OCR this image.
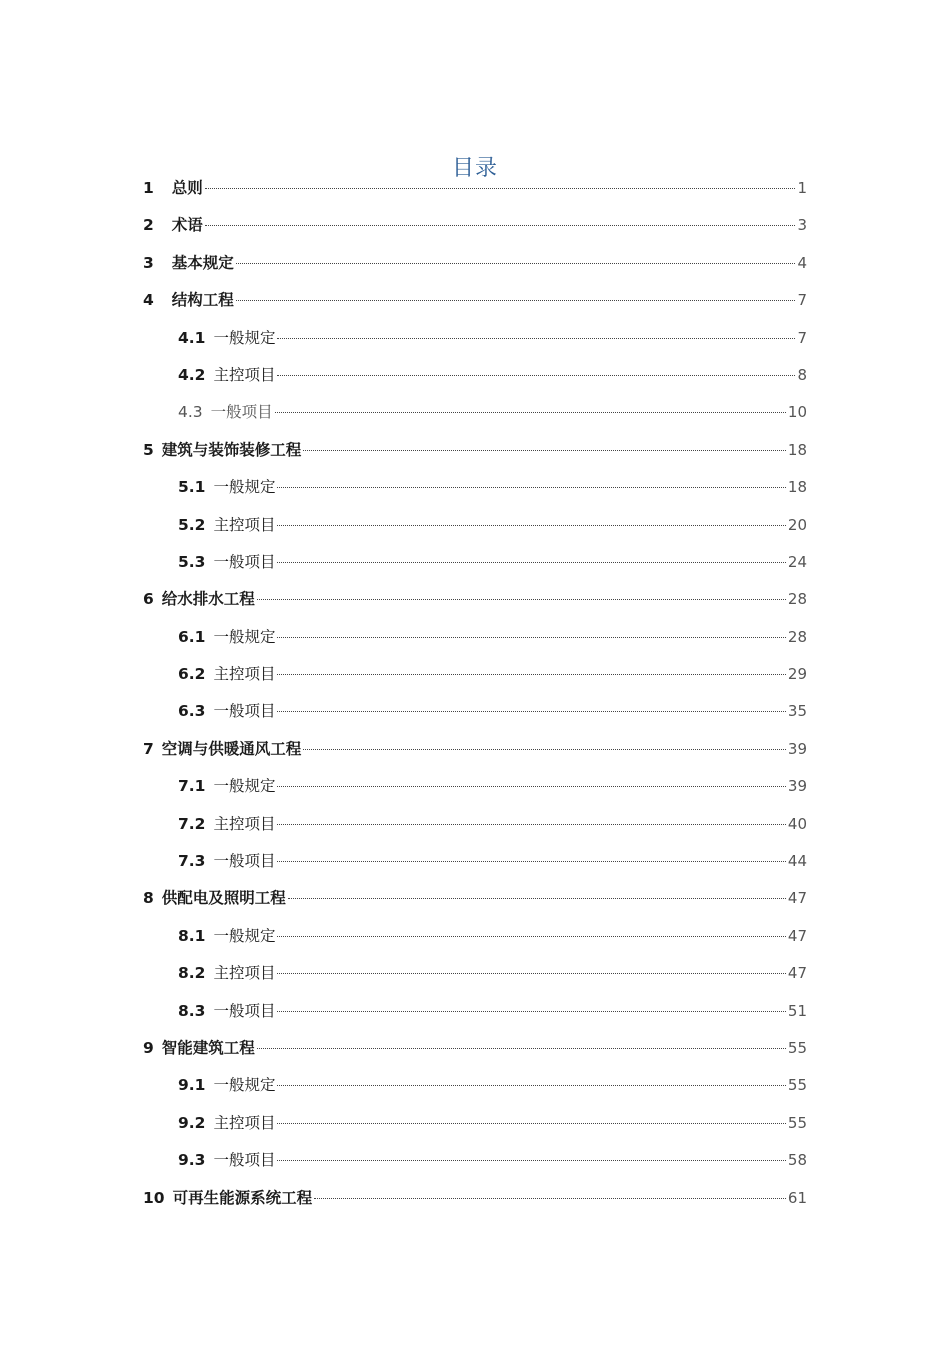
目录
1 总则	1
2 术语	3
3 基本规定	4
4 结构工程	7
4.1 一般规定	7
4.2 主控项目	8
4.3 一般项目	10
5 建筑与装饰装修工程	18
5.1 一般规定	18
5.2 主控项目	20
5.3 一般项目	24
6 给水排水工程	28
6.1 一般规定	28
6.2 主控项目	29
6.3 一般项目	35
7 空调与供暖通风工程	39
7.1 一般规定	39
7.2 主控项目	40
7.3 一般项目	44
8 供配电及照明工程	47
8.1 一般规定	47
8.2 主控项目	47
8.3 一般项目	51
9 智能建筑工程	55
9.1 一般规定	55
9.2 主控项目	55
9.3 一般项目	58
10 可再生能源系统工程	61
